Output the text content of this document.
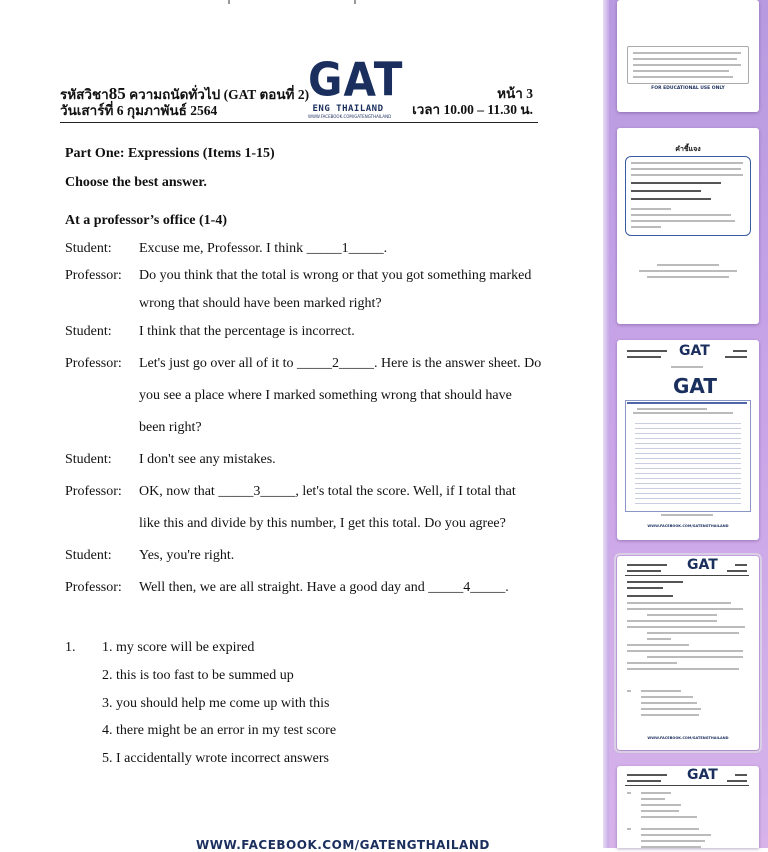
รหัสวิชา85 ความถนัดทั่วไป (GAT ตอนที่ 2)
วันเสาร์ที่ 6 กุมภาพันธ์ 2564
GAT
ENG THAILAND
WWW.FACEBOOK.COM/GATENGTHAILAND
หน้า 3
เวลา 10.00 – 11.30 น.
Part One: Expressions (Items 1-15)
Choose the best answer.
At a professor’s office (1-4)
Student: Excuse me, Professor. I think _____1_____.
Professor: Do you think that the total is wrong or that you got something marked
wrong that should have been marked right?
Student: I think that the percentage is incorrect.
Professor: Let's just go over all of it to _____2_____. Here is the answer sheet. Do
you see a place where I marked something wrong that should have
been right?
Student: I don't see any mistakes.
Professor: OK, now that _____3_____, let's total the score. Well, if I total that
like this and divide by this number, I get this total. Do you agree?
Student: Yes, you're right.
Professor: Well then, we are all straight. Have a good day and _____4_____.
1. 1. my score will be expired
2. this is too fast to be summed up
3. you should help me come up with this
4. there might be an error in my test score
5. I accidentally wrote incorrect answers
WWW.FACEBOOK.COM/GATENGTHAILAND
FOR EDUCATIONAL USE ONLY
คำชี้แจง
GAT
GAT
WWW.FACEBOOK.COM/GATENGTHAILAND
GAT
WWW.FACEBOOK.COM/GATENGTHAILAND
GAT
